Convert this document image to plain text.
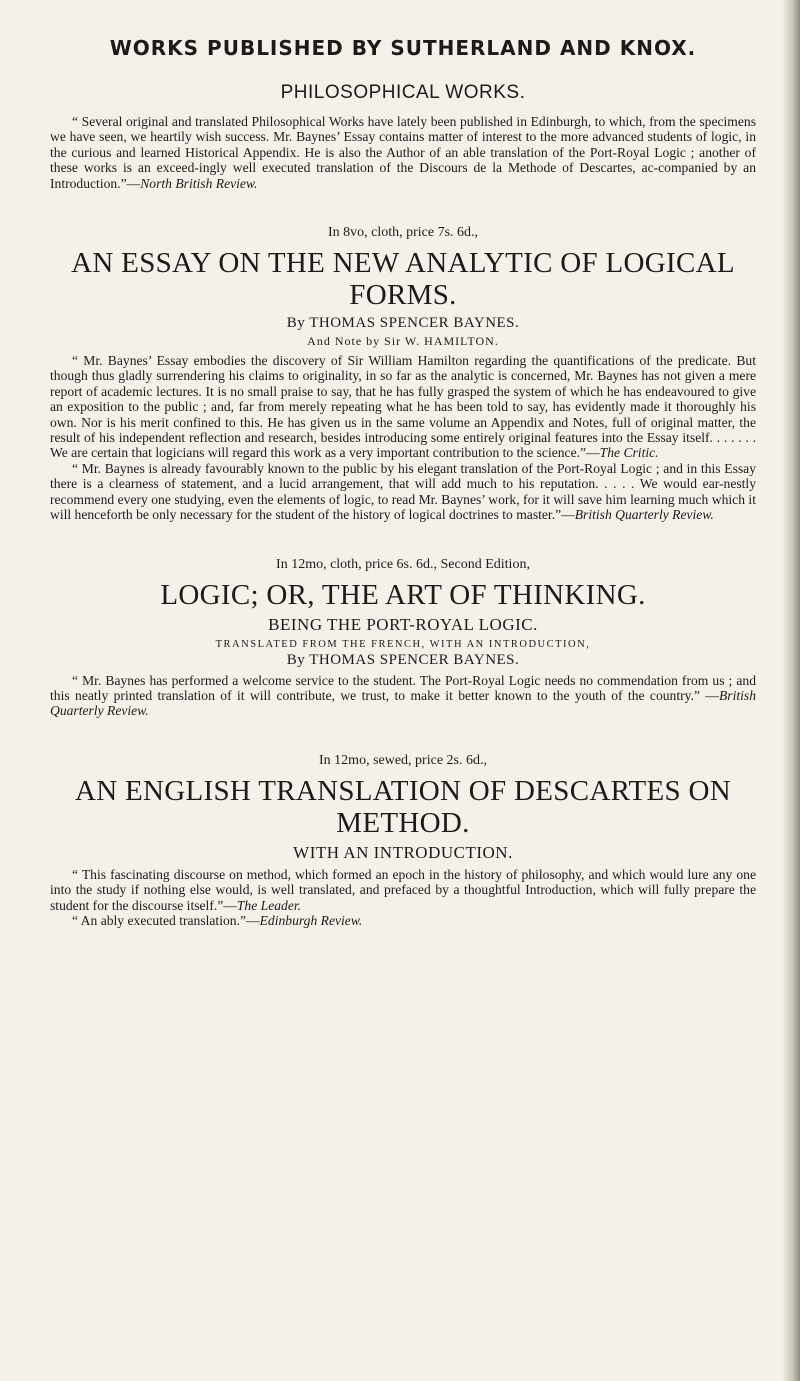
WORKS PUBLISHED BY SUTHERLAND AND KNOX.
PHILOSOPHICAL WORKS.

“ Several original and translated Philosophical Works have lately been published in Edinburgh, to which, from the specimens we have seen, we heartily wish success. Mr. Baynes’ Essay contains matter of interest to the more advanced students of logic, in the curious and learned Historical Appendix. He is also the Author of an able translation of the Port-Royal Logic ; another of these works is an exceed-ingly well executed translation of the Discours de la Methode of Descartes, ac-companied by an Introduction.”—North British Review.

In 8vo, cloth, price 7s. 6d.,
AN ESSAY ON THE NEW ANALYTIC OF LOGICAL FORMS.
By THOMAS SPENCER BAYNES.
And Note by Sir W. HAMILTON.

“ Mr. Baynes’ Essay embodies the discovery of Sir William Hamilton regarding the quantifications of the predicate. But though thus gladly surrendering his claims to originality, in so far as the analytic is concerned, Mr. Baynes has not given a mere report of academic lectures. It is no small praise to say, that he has fully grasped the system of which he has endeavoured to give an exposition to the public ; and, far from merely repeating what he has been told to say, has evidently made it thoroughly his own. Nor is his merit confined to this. He has given us in the same volume an Appendix and Notes, full of original matter, the result of his independent reflection and research, besides introducing some entirely original features into the Essay itself. . . . . . . We are certain that logicians will regard this work as a very important contribution to the science.”—The Critic.

“ Mr. Baynes is already favourably known to the public by his elegant translation of the Port-Royal Logic ; and in this Essay there is a clearness of statement, and a lucid arrangement, that will add much to his reputation. . . . . We would ear-nestly recommend every one studying, even the elements of logic, to read Mr. Baynes’ work, for it will save him learning much which it will henceforth be only necessary for the student of the history of logical doctrines to master.”—British Quarterly Review.

In 12mo, cloth, price 6s. 6d., Second Edition,
LOGIC; OR, THE ART OF THINKING.
BEING THE PORT-ROYAL LOGIC.
TRANSLATED FROM THE FRENCH, WITH AN INTRODUCTION,
By THOMAS SPENCER BAYNES.

“ Mr. Baynes has performed a welcome service to the student. The Port-Royal Logic needs no commendation from us ; and this neatly printed translation of it will contribute, we trust, to make it better known to the youth of the country.” —British Quarterly Review.

In 12mo, sewed, price 2s. 6d.,
AN ENGLISH TRANSLATION OF DESCARTES ON METHOD.
WITH AN INTRODUCTION.

“ This fascinating discourse on method, which formed an epoch in the history of philosophy, and which would lure any one into the study if nothing else would, is well translated, and prefaced by a thoughtful Introduction, which will fully prepare the student for the discourse itself.”—The Leader.

“ An ably executed translation.”—Edinburgh Review.
